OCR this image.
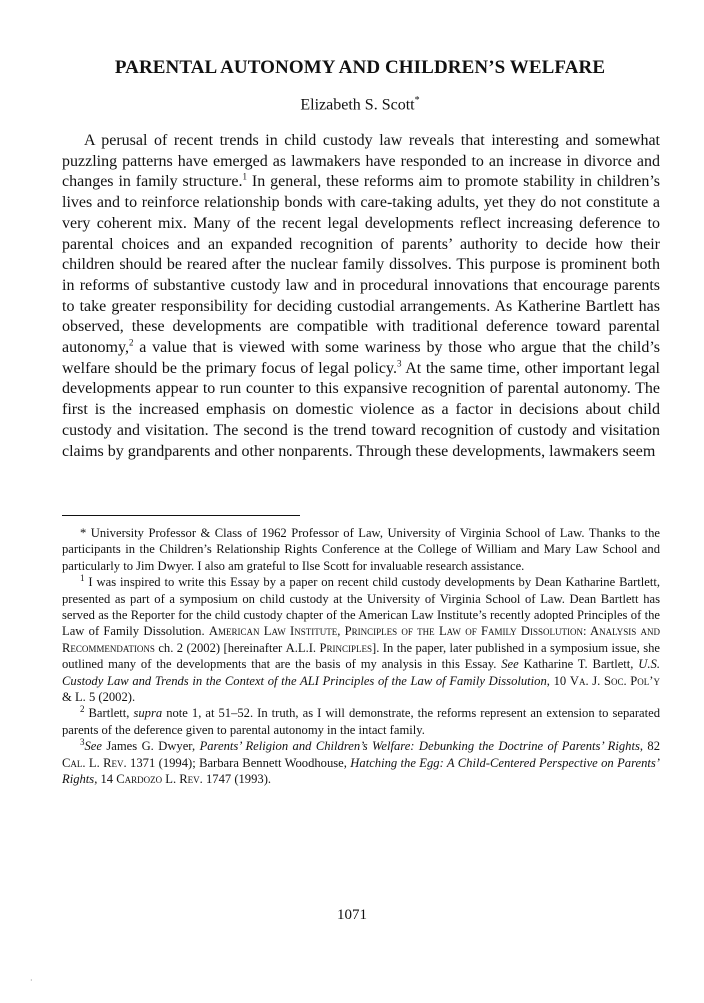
PARENTAL AUTONOMY AND CHILDREN’S WELFARE

Elizabeth S. Scott*

A perusal of recent trends in child custody law reveals that interesting and somewhat puzzling patterns have emerged as lawmakers have responded to an increase in divorce and changes in family structure.$^1$ In general, these reforms aim to promote stability in children’s lives and to reinforce relationship bonds with care-taking adults, yet they do not constitute a very coherent mix. Many of the recent legal developments reflect increasing deference to parental choices and an expanded recognition of parents’ authority to decide how their children should be reared after the nuclear family dissolves. This purpose is prominent both in reforms of substantive custody law and in procedural innovations that encourage parents to take greater responsibility for deciding custodial arrangements. As Katherine Bartlett has observed, these developments are compatible with traditional deference toward parental autonomy,$^2$ a value that is viewed with some wariness by those who argue that the child’s welfare should be the primary focus of legal policy.$^3$ At the same time, other important legal developments appear to run counter to this expansive recognition of parental autonomy. The first is the increased emphasis on domestic violence as a factor in decisions about child custody and visitation. The second is the trend toward recognition of custody and visitation claims by grandparents and other nonparents. Through these developments, lawmakers seem

* University Professor & Class of 1962 Professor of Law, University of Virginia School of Law. Thanks to the participants in the Children’s Relationship Rights Conference at the College of William and Mary Law School and particularly to Jim Dwyer. I also am grateful to Ilse Scott for invaluable research assistance.

$^1$ I was inspired to write this Essay by a paper on recent child custody developments by Dean Katharine Bartlett, presented as part of a symposium on child custody at the University of Virginia School of Law. Dean Bartlett has served as the Reporter for the child custody chapter of the American Law Institute’s recently adopted Principles of the Law of Family Dissolution. American Law Institute, Principles of the Law of Family Dissolution: Analysis and Recommendations ch. 2 (2002) [hereinafter A.L.I. Principles]. In the paper, later published in a symposium issue, she outlined many of the developments that are the basis of my analysis in this Essay. See Katharine T. Bartlett, U.S. Custody Law and Trends in the Context of the ALI Principles of the Law of Family Dissolution, 10 Va. J. Soc. Pol’y & L. 5 (2002).

$^2$ Bartlett, supra note 1, at 51–52. In truth, as I will demonstrate, the reforms represent an extension to separated parents of the deference given to parental autonomy in the intact family.

$^3$See James G. Dwyer, Parents’ Religion and Children’s Welfare: Debunking the Doctrine of Parents’ Rights, 82 Cal. L. Rev. 1371 (1994); Barbara Bennett Woodhouse, Hatching the Egg: A Child-Centered Perspective on Parents’ Rights, 14 Cardozo L. Rev. 1747 (1993).

1071

·
